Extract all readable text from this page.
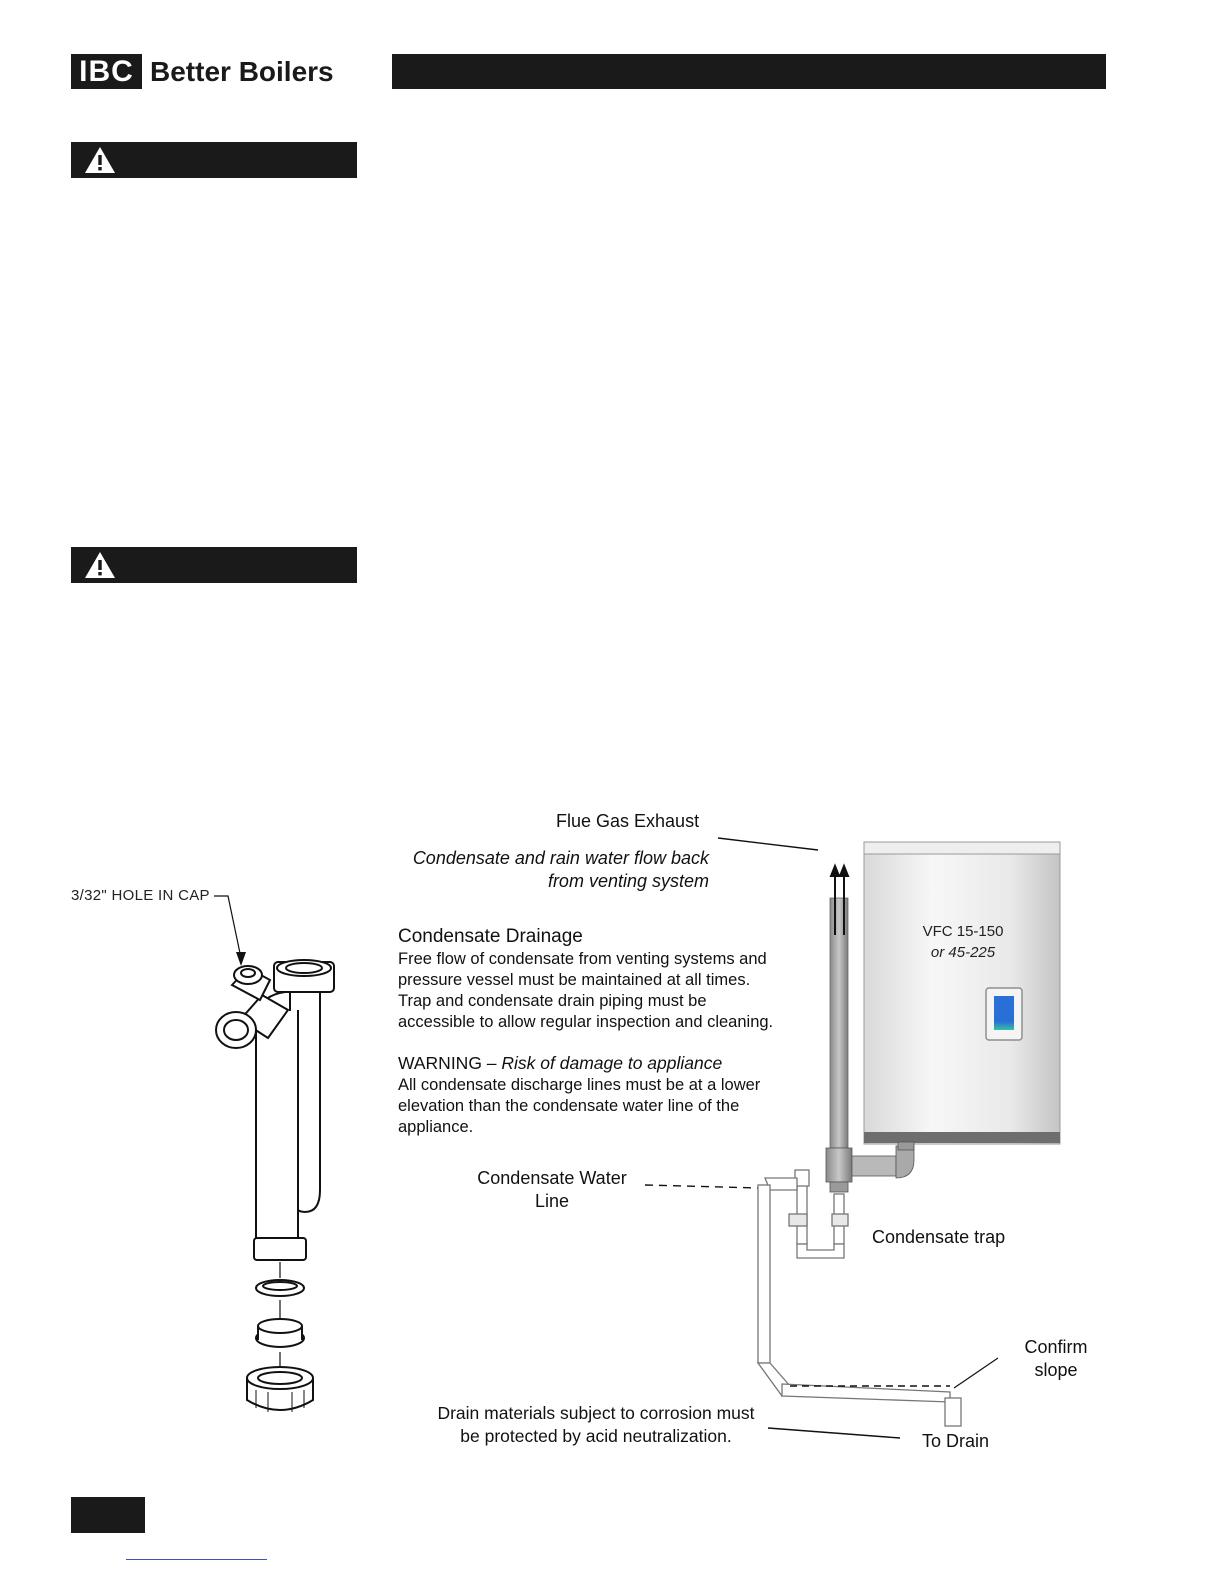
IBC Better Boilers
3/32" HOLE IN CAP
Flue Gas Exhaust
Condensate and rain water flow back
from venting system
Condensate Drainage
Free flow of condensate from venting systems and
pressure vessel must be maintained at all times.
Trap and condensate drain piping must be
accessible to allow regular inspection and cleaning.
WARNING – Risk of damage to appliance
All condensate discharge lines must be at a lower
elevation than the condensate water line of the
appliance.
Condensate Water
Line
Condensate trap
Confirm
slope
To Drain
Drain materials subject to corrosion must
be protected by acid neutralization.
VFC 15-150
or 45-225
